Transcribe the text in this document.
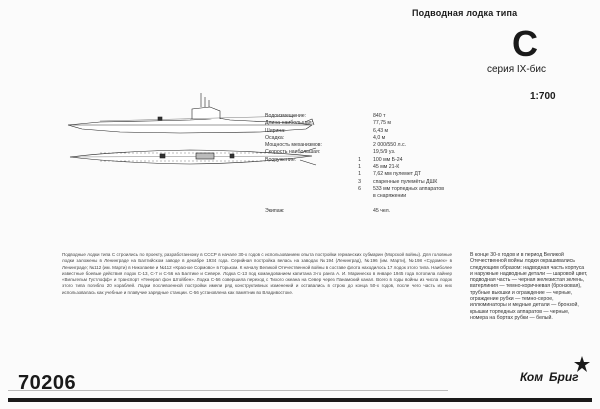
Подводная лодка типа
С
серия IX-бис
1:700
Водоизмещение:	840 т
Длина наибольшая:	77,75 м
Ширина:	6,43 м
Осадка:	4,0 м
Мощность механизмов:	2 000/550 л.с.
Скорость наибольшая:	19,5/9 уз.
Вооружение:	1	100 мм Б-24
1	45 мм 21-К
1	7,62 мм пулемет ДТ
3	спаренные пулемёты ДШК
6	533 мм торпедных аппаратов
в снаряжении
Экипаж:	45 чел.
Подводные лодки типа С строились по проекту, разработанному в СССР в начале 30-х годов с использованием опыта постройки германских субмарин (Морской войны). Для головные лодки заложены в Ленинграде на Балтийском заводе в декабре 1934 года. Серийная постройка велась на заводах №194 (Ленинград), №196 (им. Марти), №198 «Судомех» в Ленинграде; №112 (им. Марти) в Николаеве и №112 «Красное Сормово» в Горьком. К началу Великой Отечественной войны в составе флота находилось 17 лодок этого типа. Наиболее известные боевые действия лодок С-13, С-7 и С-56 на Балтике и Севере. Лодка С-13 под командованием капитана 3-го ранга А. И. Маринеско в январе 1945 года потопила лайнер «Вильгельм Густлофф» и транспорт «Генерал фон Штойбен». Лодка С-56 совершила переход с Тихого океана на Север через Панамский канал. Всего в годы войны из числа лодок этого типа погибло 20 кораблей. Лодки послевоенной постройки имели ряд конструктивных изменений и оставались в строю до конца 50-х годов, после чего часть из них использовалась как учебные и плавучие зарядные станции. С-56 установлена как памятник во Владивостоке.
В конце 30-х годов и в период Великой Отечественной войны лодки окрашивались следующим образом: надводная часть корпуса и наружные надводные детали — шаровой цвет, подводная часть — черная железистая зелень, ватерлиния — темно-коричневая (бронзовая), трубные вьюшки и ограждение — черные, ограждение рубки — темно-серое, иллюминаторы и медные детали — бронзой, крышки торпедных аппаратов — черные, номера на бортах рубки — белый.
70206	Ком Бриг
